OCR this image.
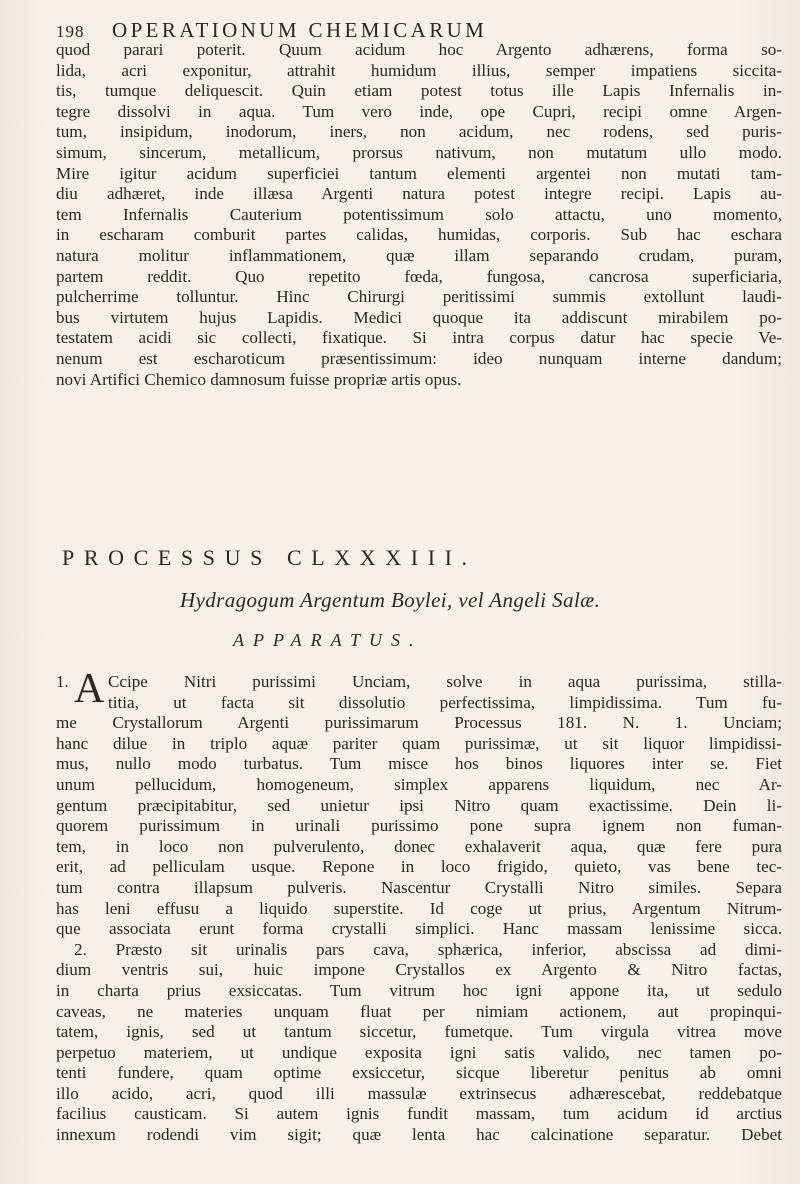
198	OPERATIONUM CHEMICARUM
quod parari poterit. Quum acidum hoc Argento adhærens, forma so-
lida, acri exponitur, attrahit humidum illius, semper impatiens siccita-
tis, tumque deliquescit. Quin etiam potest totus ille Lapis Infernalis in-
tegre dissolvi in aqua. Tum vero inde, ope Cupri, recipi omne Argen-
tum, insipidum, inodorum, iners, non acidum, nec rodens, sed puris-
simum, sincerum, metallicum, prorsus nativum, non mutatum ullo modo.
Mire igitur acidum superficiei tantum elementi argentei non mutati tam-
diu adhæret, inde illæsa Argenti natura potest integre recipi. Lapis au-
tem Infernalis Cauterium potentissimum solo attactu, uno momento,
in escharam comburit partes calidas, humidas, corporis. Sub hac eschara
natura molitur inflammationem, quæ illam separando crudam, puram,
partem reddit. Quo repetito fœda, fungosa, cancrosa superficiaria,
pulcherrime tolluntur. Hinc Chirurgi peritissimi summis extollunt laudi-
bus virtutem hujus Lapidis. Medici quoque ita addiscunt mirabilem po-
testatem acidi sic collecti, fixatique. Si intra corpus datur hac specie Ve-
nenum est escharoticum præsentissimum: ideo nunquam interne dandum;
novi Artifici Chemico damnosum fuisse propriæ artis opus.
PROCESSUS CLXXXIII.
Hydragogum Argentum Boylei, vel Angeli Salæ.
APPARATUS.
1. A Ccipe Nitri purissimi Unciam, solve in aqua purissima, stilla-
titia, ut facta sit dissolutio perfectissima, limpidissima. Tum fu-
me Crystallorum Argenti purissimarum Processus 181. N. 1. Unciam;
hanc dilue in triplo aquæ pariter quam purissimæ, ut sit liquor limpidissi-
mus, nullo modo turbatus. Tum misce hos binos liquores inter se. Fiet
unum pellucidum, homogeneum, simplex apparens liquidum, nec Ar-
gentum præcipitabitur, sed unietur ipsi Nitro quam exactissime. Dein li-
quorem purissimum in urinali purissimo pone supra ignem non fuman-
tem, in loco non pulverulento, donec exhalaverit aqua, quæ fere pura
erit, ad pelliculam usque. Repone in loco frigido, quieto, vas bene tec-
tum contra illapsum pulveris. Nascentur Crystalli Nitro similes. Separa
has leni effusu a liquido superstite. Id coge ut prius, Argentum Nitrum-
que associata erunt forma crystalli simplici. Hanc massam lenissime sicca.
2. Præsto sit urinalis pars cava, sphærica, inferior, abscissa ad dimi-
dium ventris sui, huic impone Crystallos ex Argento & Nitro factas,
in charta prius exsiccatas. Tum vitrum hoc igni appone ita, ut sedulo
caveas, ne materies unquam fluat per nimiam actionem, aut propinqui-
tatem, ignis, sed ut tantum siccetur, fumetque. Tum virgula vitrea move
perpetuo materiem, ut undique exposita igni satis valido, nec tamen po-
tenti fundere, quam optime exsiccetur, sicque liberetur penitus ab omni
illo acido, acri, quod illi massulæ extrinsecus adhærescebat, reddebatque
facilius causticam. Si autem ignis fundit massam, tum acidum id arctius
innexum rodendi vim sigit; quæ lenta hac calcinatione separatur. Debet
